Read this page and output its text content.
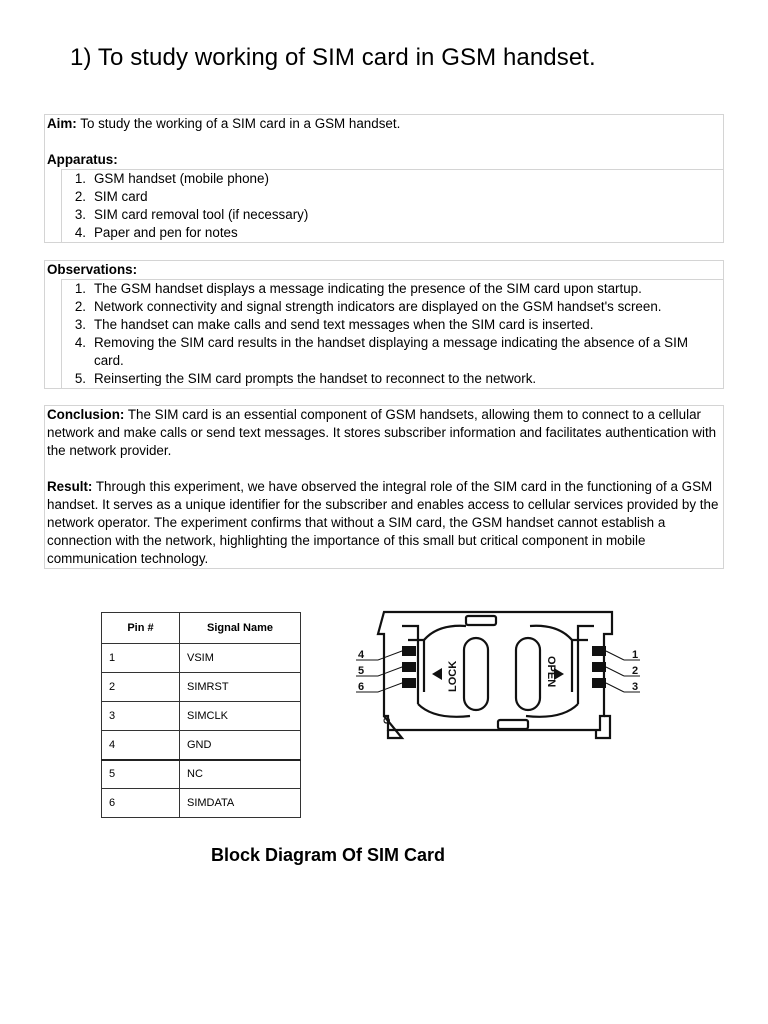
1) To study working of SIM card in GSM handset.
Aim: To study the working of a SIM card in a GSM handset.
Apparatus:
1. GSM handset (mobile phone)
2. SIM card
3. SIM card removal tool (if necessary)
4. Paper and pen for notes
Observations:
1. The GSM handset displays a message indicating the presence of the SIM card upon startup.
2. Network connectivity and signal strength indicators are displayed on the GSM handset's screen.
3. The handset can make calls and send text messages when the SIM card is inserted.
4. Removing the SIM card results in the handset displaying a message indicating the absence of a SIM card.
5. Reinserting the SIM card prompts the handset to reconnect to the network.

Conclusion: The SIM card is an essential component of GSM handsets, allowing them to connect to a cellular network and make calls or send text messages. It stores subscriber information and facilitates authentication with the network provider.

Result: Through this experiment, we have observed the integral role of the SIM card in the functioning of a GSM handset. It serves as a unique identifier for the subscriber and enables access to cellular services provided by the network operator. The experiment confirms that without a SIM card, the GSM handset cannot establish a connection with the network, highlighting the importance of this small but critical component in mobile communication technology.

Pin #	Signal Name
1	VSIM
2	SIMRST
3	SIMCLK
4	GND
5	NC
6	SIMDATA
4
5
6
1
2
3
LOCK	OPEN
C
Block Diagram Of SIM Card
